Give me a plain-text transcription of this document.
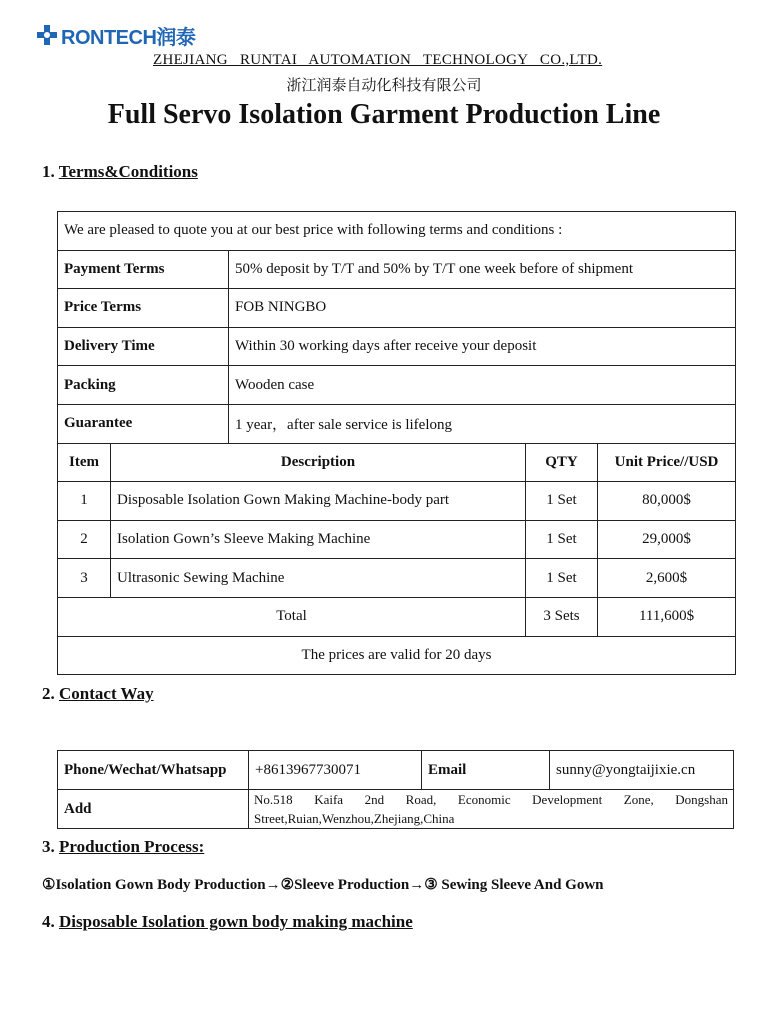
RONTECH润泰
ZHEJIANG RUNTAI AUTOMATION TECHNOLOGY CO.,LTD.
浙江润泰自动化科技有限公司
Full Servo Isolation Garment Production Line
1. Terms&Conditions
We are pleased to quote you at our best price with following terms and conditions :				
Payment Terms		50% deposit by T/T and 50% by T/T one week before of shipment		
Price Terms		FOB NINGBO		
Delivery Time		Within 30 working days after receive your deposit		
Packing		Wooden case		
Guarantee		1 year，after sale service is lifelong		
Item	Description		QTY	Unit Price//USD
1	Disposable Isolation Gown Making Machine-body part		1 Set	80,000$
2	Isolation Gown’s Sleeve Making Machine		1 Set	29,000$
3	Ultrasonic Sewing Machine		1 Set	2,600$
Total			3 Sets	111,600$
The prices are valid for 20 days				
2. Contact Way
Phone/Wechat/Whatsapp	+8613967730071	Email	sunny@yongtaijixie.cn
Add	No.518 Kaifa 2nd Road, Economic Development Zone, Dongshan Street,Ruian,Wenzhou,Zhejiang,China		
3. Production Process:
①Isolation Gown Body Production→②Sleeve Production→③ Sewing Sleeve And Gown
4. Disposable Isolation gown body making machine
